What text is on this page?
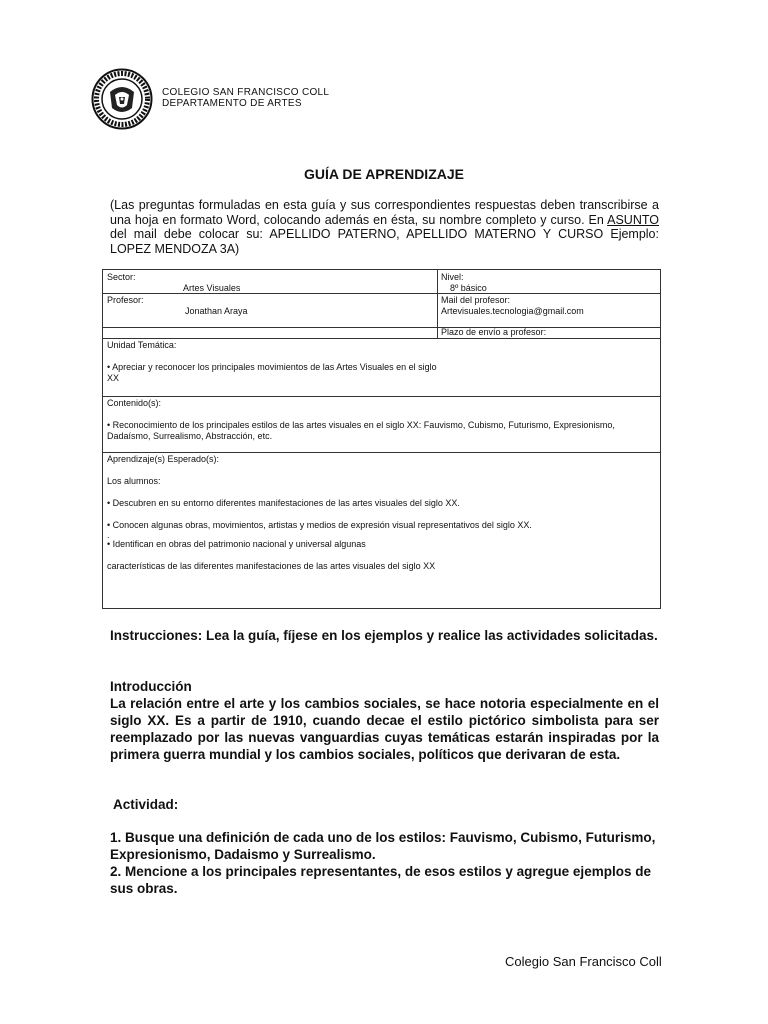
COLEGIO SAN FRANCISCO COLL
DEPARTAMENTO DE ARTES
GUÍA DE APRENDIZAJE
(Las preguntas formuladas en esta guía y sus correspondientes respuestas deben transcribirse a una hoja en formato Word, colocando además en ésta, su nombre completo y curso. En ASUNTO del mail debe colocar su: APELLIDO PATERNO, APELLIDO MATERNO Y CURSO Ejemplo: LOPEZ MENDOZA 3A)
Sector:
Artes Visuales
Nivel:
8º básico
Profesor:
Jonathan Araya
Mail del profesor:
Artevisuales.tecnologia@gmail.com
Plazo de envío a profesor:
Unidad Temática:
• Apreciar y reconocer los principales movimientos de las Artes Visuales en el siglo XX
Contenido(s):
• Reconocimiento de los principales estilos de las artes visuales en el siglo XX: Fauvismo, Cubismo, Futurismo, Expresionismo, Dadaísmo, Surrealismo, Abstracción, etc.
Aprendizaje(s) Esperado(s):
Los alumnos:
• Descubren en su entorno diferentes manifestaciones de las artes visuales del siglo XX.
• Conocen algunas obras, movimientos, artistas y medios de expresión visual representativos del siglo XX.
.
• Identifican en obras del patrimonio nacional y universal algunas
características de las diferentes manifestaciones de las artes visuales del siglo XX
Instrucciones: Lea la guía, fíjese en los ejemplos y realice las actividades solicitadas.
Introducción
La relación entre el arte y los cambios sociales, se hace notoria especialmente en el siglo XX. Es a partir de 1910, cuando decae el estilo pictórico simbolista para ser reemplazado por las nuevas vanguardias cuyas temáticas estarán inspiradas por la primera guerra mundial y los cambios sociales, políticos que derivaran de esta.
Actividad:
1. Busque una definición de cada uno de los estilos: Fauvismo, Cubismo, Futurismo, Expresionismo, Dadaismo y Surrealismo.
2. Mencione a los principales representantes, de esos estilos y agregue ejemplos de sus obras.
Colegio San Francisco Coll
